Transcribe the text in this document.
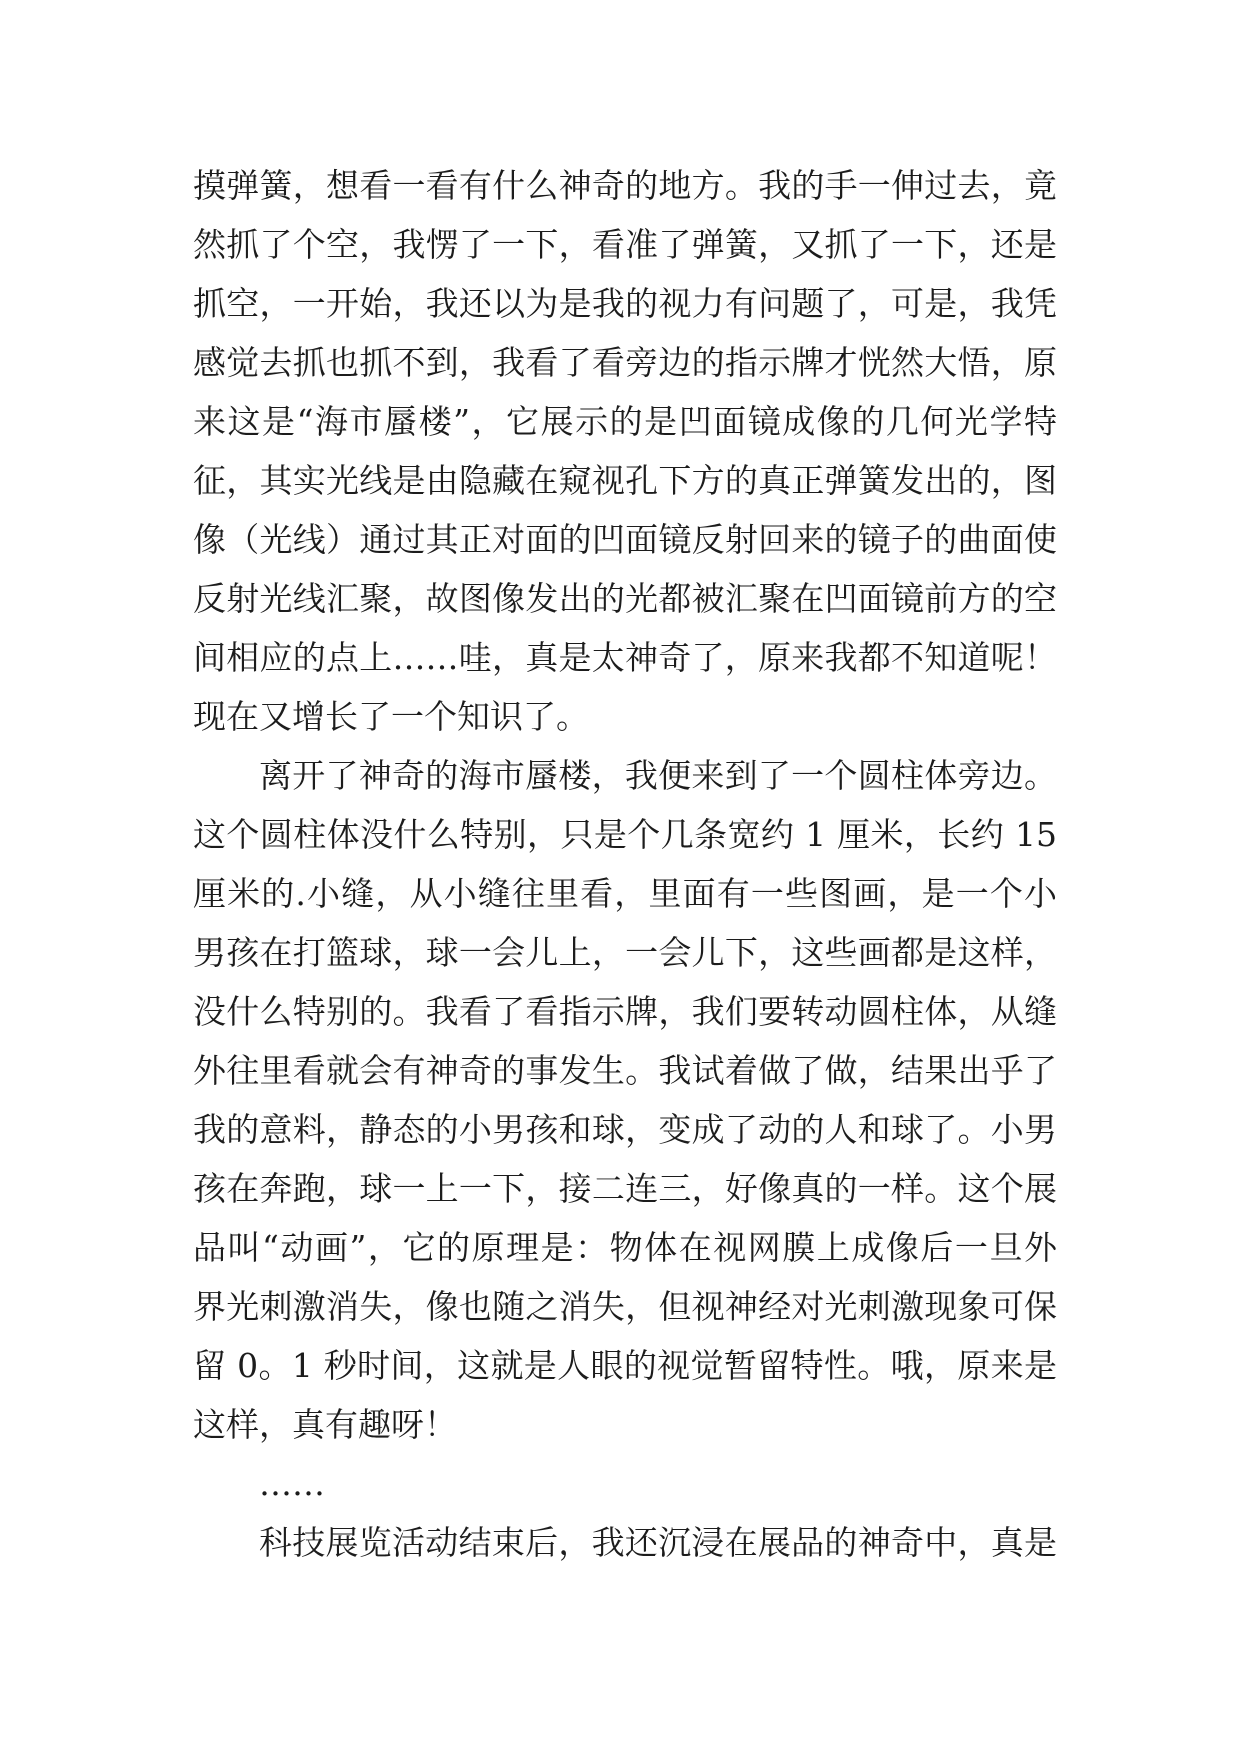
摸弹簧，想看一看有什么神奇的地方。我的手一伸过去，竟
然抓了个空，我愣了一下，看准了弹簧，又抓了一下，还是
抓空，一开始，我还以为是我的视力有问题了，可是，我凭
感觉去抓也抓不到，我看了看旁边的指示牌才恍然大悟，原
来这是“海市蜃楼”，它展示的是凹面镜成像的几何光学特
征，其实光线是由隐藏在窥视孔下方的真正弹簧发出的，图
像（光线）通过其正对面的凹面镜反射回来的镜子的曲面使
反射光线汇聚，故图像发出的光都被汇聚在凹面镜前方的空
间相应的点上……哇，真是太神奇了，原来我都不知道呢！
现在又增长了一个知识了。
离开了神奇的海市蜃楼，我便来到了一个圆柱体旁边。
这个圆柱体没什么特别，只是个几条宽约 1 厘米，长约 15
厘米的.小缝，从小缝往里看，里面有一些图画，是一个小
男孩在打篮球，球一会儿上，一会儿下，这些画都是这样，
没什么特别的。我看了看指示牌，我们要转动圆柱体，从缝
外往里看就会有神奇的事发生。我试着做了做，结果出乎了
我的意料，静态的小男孩和球，变成了动的人和球了。小男
孩在奔跑，球一上一下，接二连三，好像真的一样。这个展
品叫“动画”，它的原理是：物体在视网膜上成像后一旦外
界光刺激消失，像也随之消失，但视神经对光刺激现象可保
留 0。1 秒时间，这就是人眼的视觉暂留特性。哦，原来是
这样，真有趣呀！
……
科技展览活动结束后，我还沉浸在展品的神奇中，真是
